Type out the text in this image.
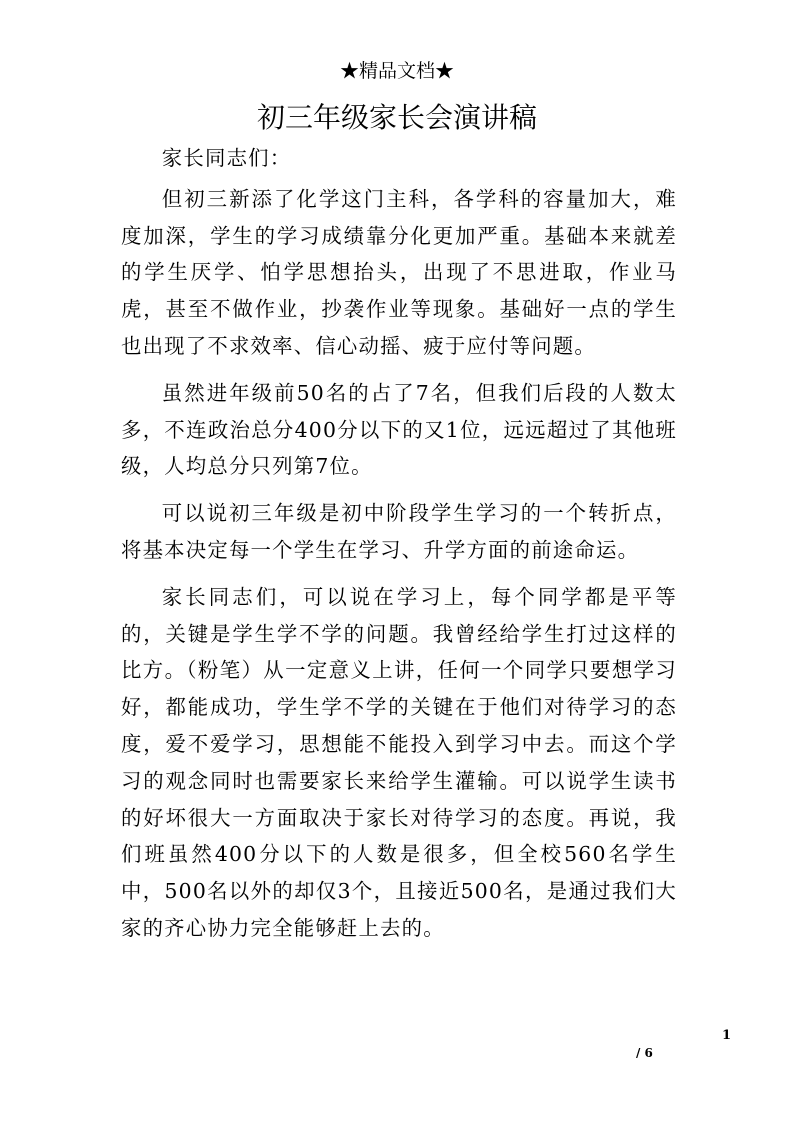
★精品文档★
初三年级家长会演讲稿

家长同志们：

但初三新添了化学这门主科，各学科的容量加大，难度加深，学生的学习成绩靠分化更加严重。基础本来就差的学生厌学、怕学思想抬头，出现了不思进取，作业马虎，甚至不做作业，抄袭作业等现象。基础好一点的学生也出现了不求效率、信心动摇、疲于应付等问题。

虽然进年级前50名的占了7名，但我们后段的人数太多，不连政治总分400分以下的又1位，远远超过了其他班级，人均总分只列第7位。

可以说初三年级是初中阶段学生学习的一个转折点，将基本决定每一个学生在学习、升学方面的前途命运。

家长同志们，可以说在学习上，每个同学都是平等的，关键是学生学不学的问题。我曾经给学生打过这样的比方。（粉笔）从一定意义上讲，任何一个同学只要想学习好，都能成功，学生学不学的关键在于他们对待学习的态度，爱不爱学习，思想能不能投入到学习中去。而这个学习的观念同时也需要家长来给学生灌输。可以说学生读书的好坏很大一方面取决于家长对待学习的态度。再说，我们班虽然400分以下的人数是很多，但全校560名学生中，500名以外的却仅3个，且接近500名，是通过我们大家的齐心协力完全能够赶上去的。

1
/ 6
